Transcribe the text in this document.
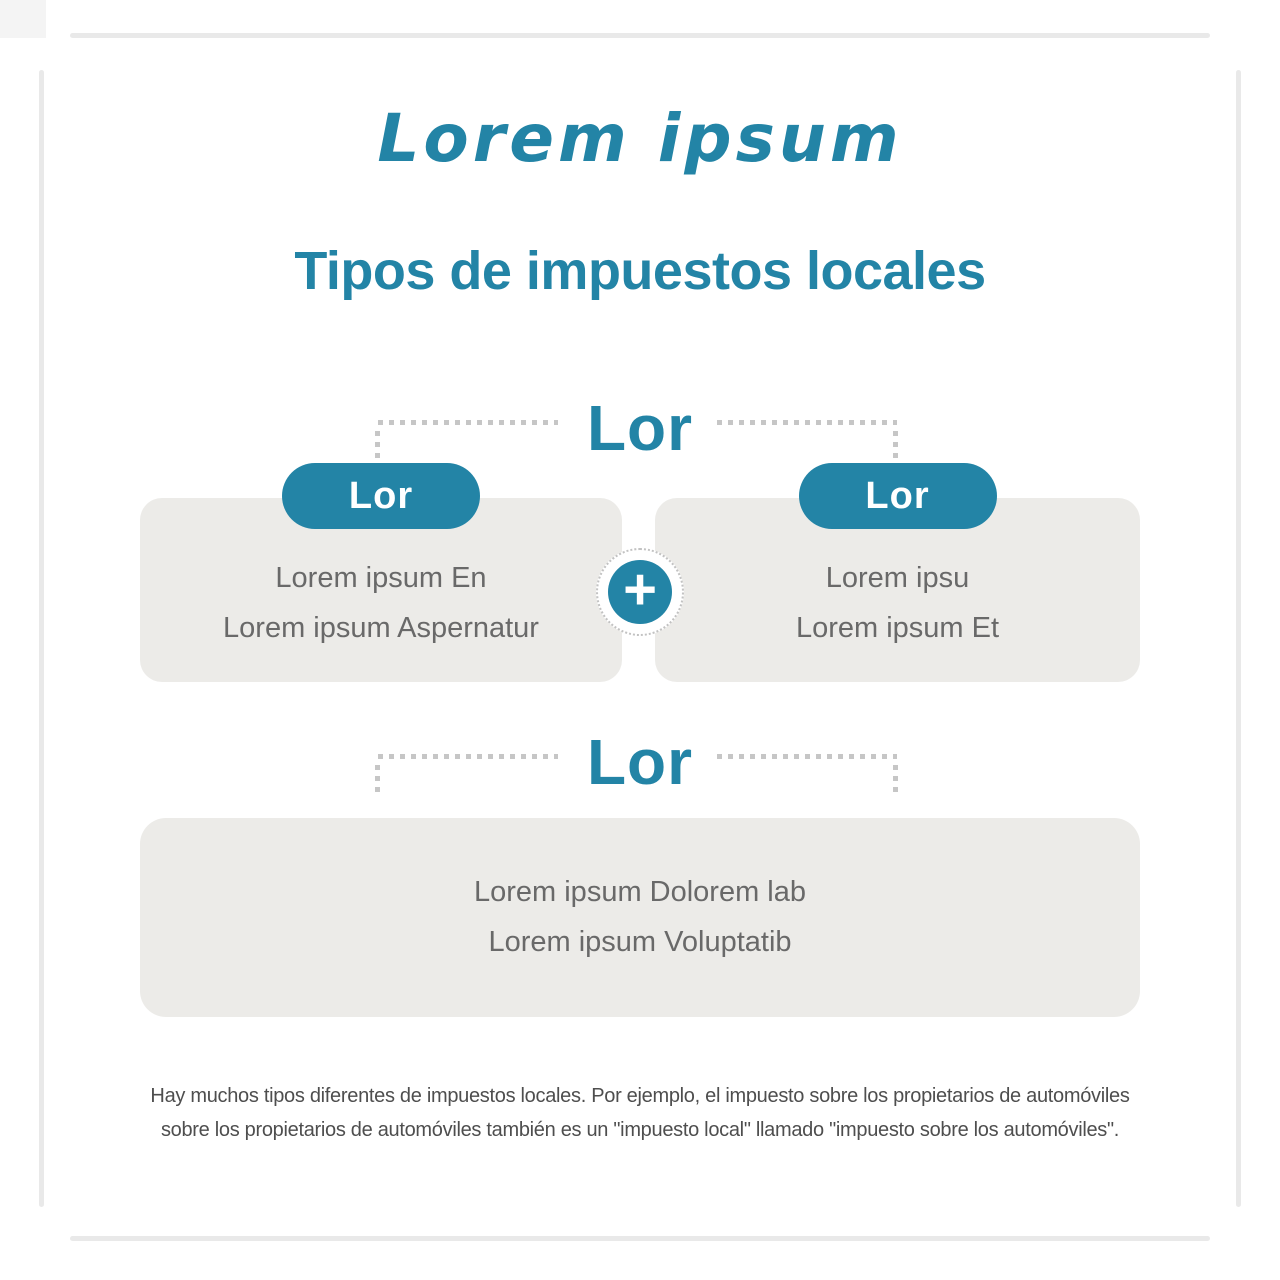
Lorem ipsum
Tipos de impuestos locales
Lor
Lor
Lorem ipsum En
Lorem ipsum Aspernatur
Lor
Lorem ipsu
Lorem ipsum Et
+
Lor
Lorem ipsum Dolorem lab
Lorem ipsum Voluptatib
Hay muchos tipos diferentes de impuestos locales. Por ejemplo, el impuesto sobre los propietarios de automóviles
sobre los propietarios de automóviles también es un "impuesto local" llamado "impuesto sobre los automóviles".
